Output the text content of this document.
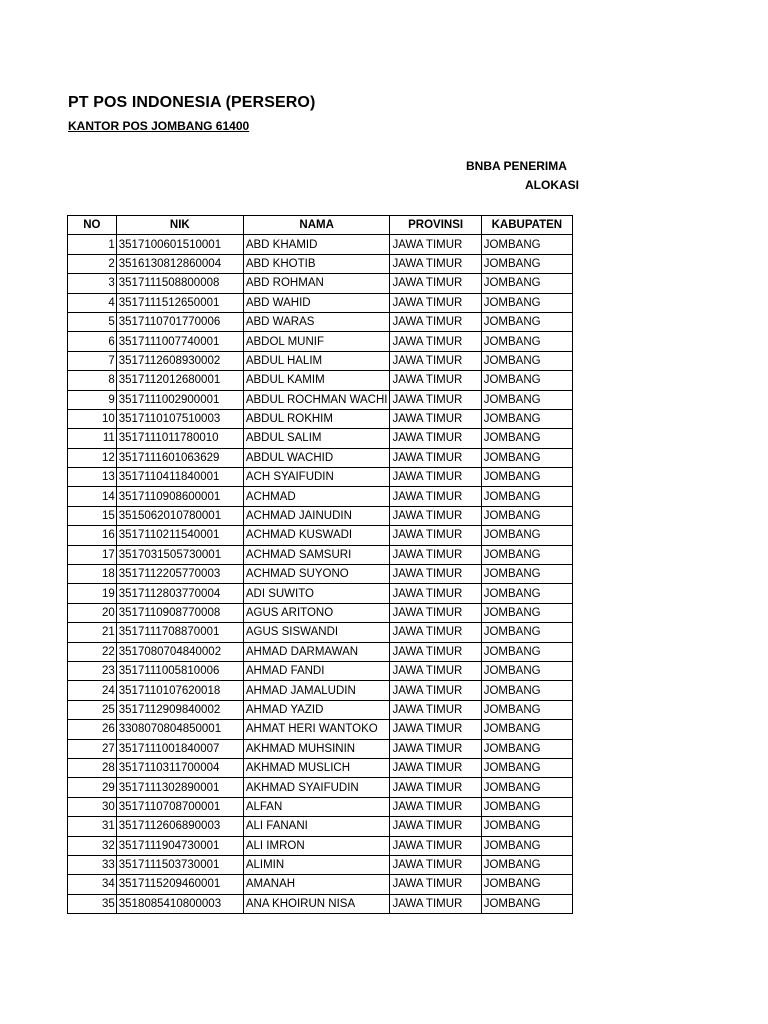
PT POS INDONESIA (PERSERO)
KANTOR POS JOMBANG 61400
BNBA PENERIMA
ALOKASI
NO	NIK	NAMA	PROVINSI	KABUPATEN
1	3517100601510001	ABD KHAMID	JAWA TIMUR	JOMBANG
2	3516130812860004	ABD KHOTIB	JAWA TIMUR	JOMBANG
3	3517111508800008	ABD ROHMAN	JAWA TIMUR	JOMBANG
4	3517111512650001	ABD WAHID	JAWA TIMUR	JOMBANG
5	3517110701770006	ABD WARAS	JAWA TIMUR	JOMBANG
6	3517111007740001	ABDOL MUNIF	JAWA TIMUR	JOMBANG
7	3517112608930002	ABDUL HALIM	JAWA TIMUR	JOMBANG
8	3517112012680001	ABDUL KAMIM	JAWA TIMUR	JOMBANG
9	3517111002900001	ABDUL ROCHMAN WACHI	JAWA TIMUR	JOMBANG
10	3517110107510003	ABDUL ROKHIM	JAWA TIMUR	JOMBANG
11	3517111011780010	ABDUL SALIM	JAWA TIMUR	JOMBANG
12	3517111601063629	ABDUL WACHID	JAWA TIMUR	JOMBANG
13	3517110411840001	ACH SYAIFUDIN	JAWA TIMUR	JOMBANG
14	3517110908600001	ACHMAD	JAWA TIMUR	JOMBANG
15	3515062010780001	ACHMAD JAINUDIN	JAWA TIMUR	JOMBANG
16	3517110211540001	ACHMAD KUSWADI	JAWA TIMUR	JOMBANG
17	3517031505730001	ACHMAD SAMSURI	JAWA TIMUR	JOMBANG
18	3517112205770003	ACHMAD SUYONO	JAWA TIMUR	JOMBANG
19	3517112803770004	ADI SUWITO	JAWA TIMUR	JOMBANG
20	3517110908770008	AGUS ARITONO	JAWA TIMUR	JOMBANG
21	3517111708870001	AGUS SISWANDI	JAWA TIMUR	JOMBANG
22	3517080704840002	AHMAD DARMAWAN	JAWA TIMUR	JOMBANG
23	3517111005810006	AHMAD FANDI	JAWA TIMUR	JOMBANG
24	3517110107620018	AHMAD JAMALUDIN	JAWA TIMUR	JOMBANG
25	3517112909840002	AHMAD YAZID	JAWA TIMUR	JOMBANG
26	3308070804850001	AHMAT HERI WANTOKO	JAWA TIMUR	JOMBANG
27	3517111001840007	AKHMAD MUHSININ	JAWA TIMUR	JOMBANG
28	3517110311700004	AKHMAD MUSLICH	JAWA TIMUR	JOMBANG
29	3517111302890001	AKHMAD SYAIFUDIN	JAWA TIMUR	JOMBANG
30	3517110708700001	ALFAN	JAWA TIMUR	JOMBANG
31	3517112606890003	ALI FANANI	JAWA TIMUR	JOMBANG
32	3517111904730001	ALI IMRON	JAWA TIMUR	JOMBANG
33	3517111503730001	ALIMIN	JAWA TIMUR	JOMBANG
34	3517115209460001	AMANAH	JAWA TIMUR	JOMBANG
35	3518085410800003	ANA KHOIRUN NISA	JAWA TIMUR	JOMBANG
